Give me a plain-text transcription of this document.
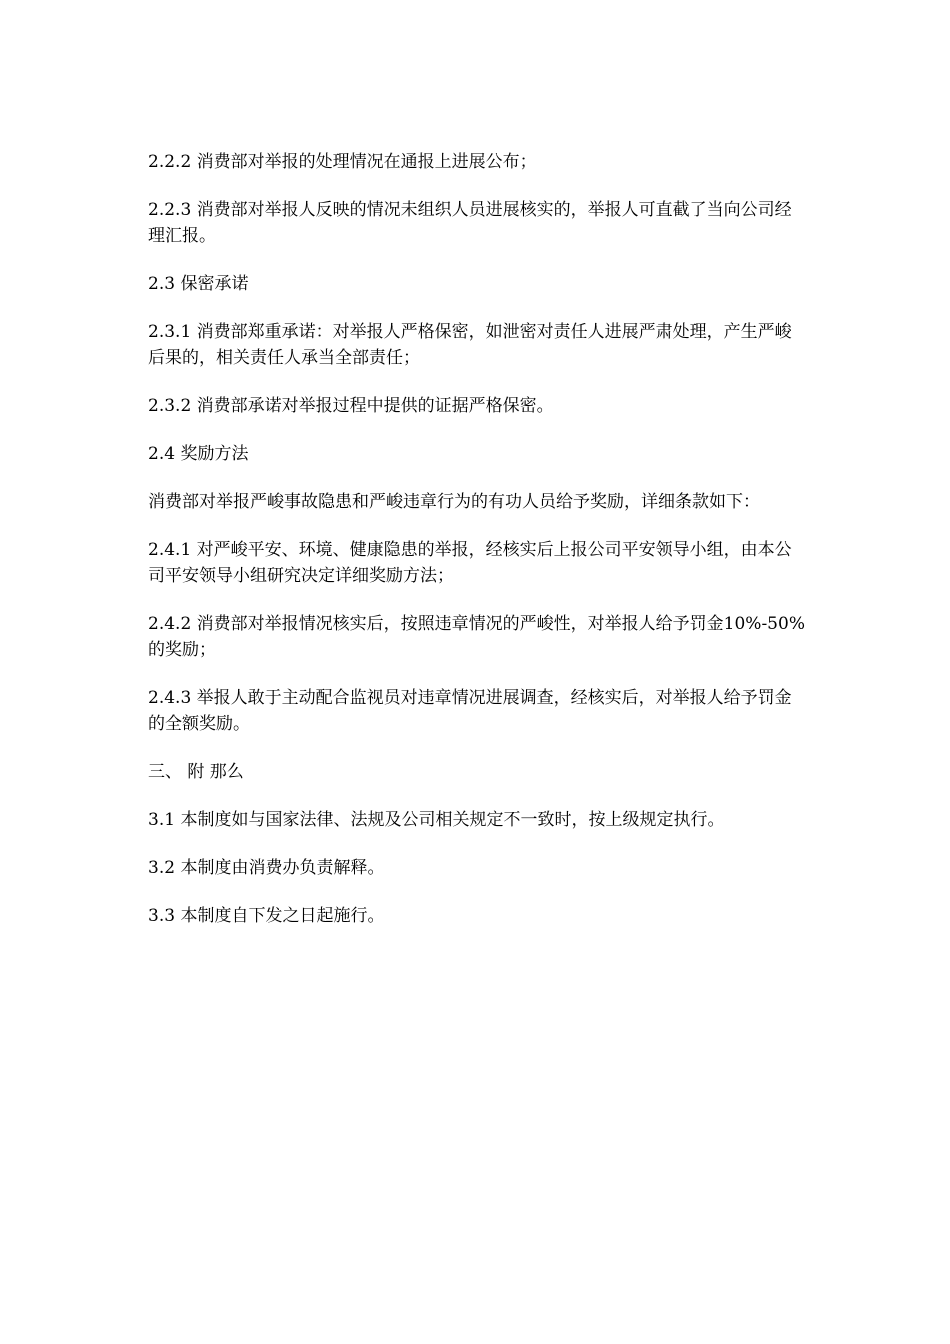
2.2.2 消费部对举报的处理情况在通报上进展公布；

2.2.3 消费部对举报人反映的情况未组织人员进展核实的，举报人可直截了当向公司经理汇报。

2.3 保密承诺

2.3.1 消费部郑重承诺：对举报人严格保密，如泄密对责任人进展严肃处理，产生严峻后果的，相关责任人承当全部责任；

2.3.2 消费部承诺对举报过程中提供的证据严格保密。

2.4 奖励方法

消费部对举报严峻事故隐患和严峻违章行为的有功人员给予奖励，详细条款如下：

2.4.1 对严峻平安、环境、健康隐患的举报，经核实后上报公司平安领导小组，由本公司平安领导小组研究决定详细奖励方法；

2.4.2 消费部对举报情况核实后，按照违章情况的严峻性，对举报人给予罚金10%-50%的奖励；

2.4.3 举报人敢于主动配合监视员对违章情况进展调查，经核实后，对举报人给予罚金的全额奖励。

三、 附 那么

3.1 本制度如与国家法律、法规及公司相关规定不一致时，按上级规定执行。

3.2 本制度由消费办负责解释。

3.3 本制度自下发之日起施行。
